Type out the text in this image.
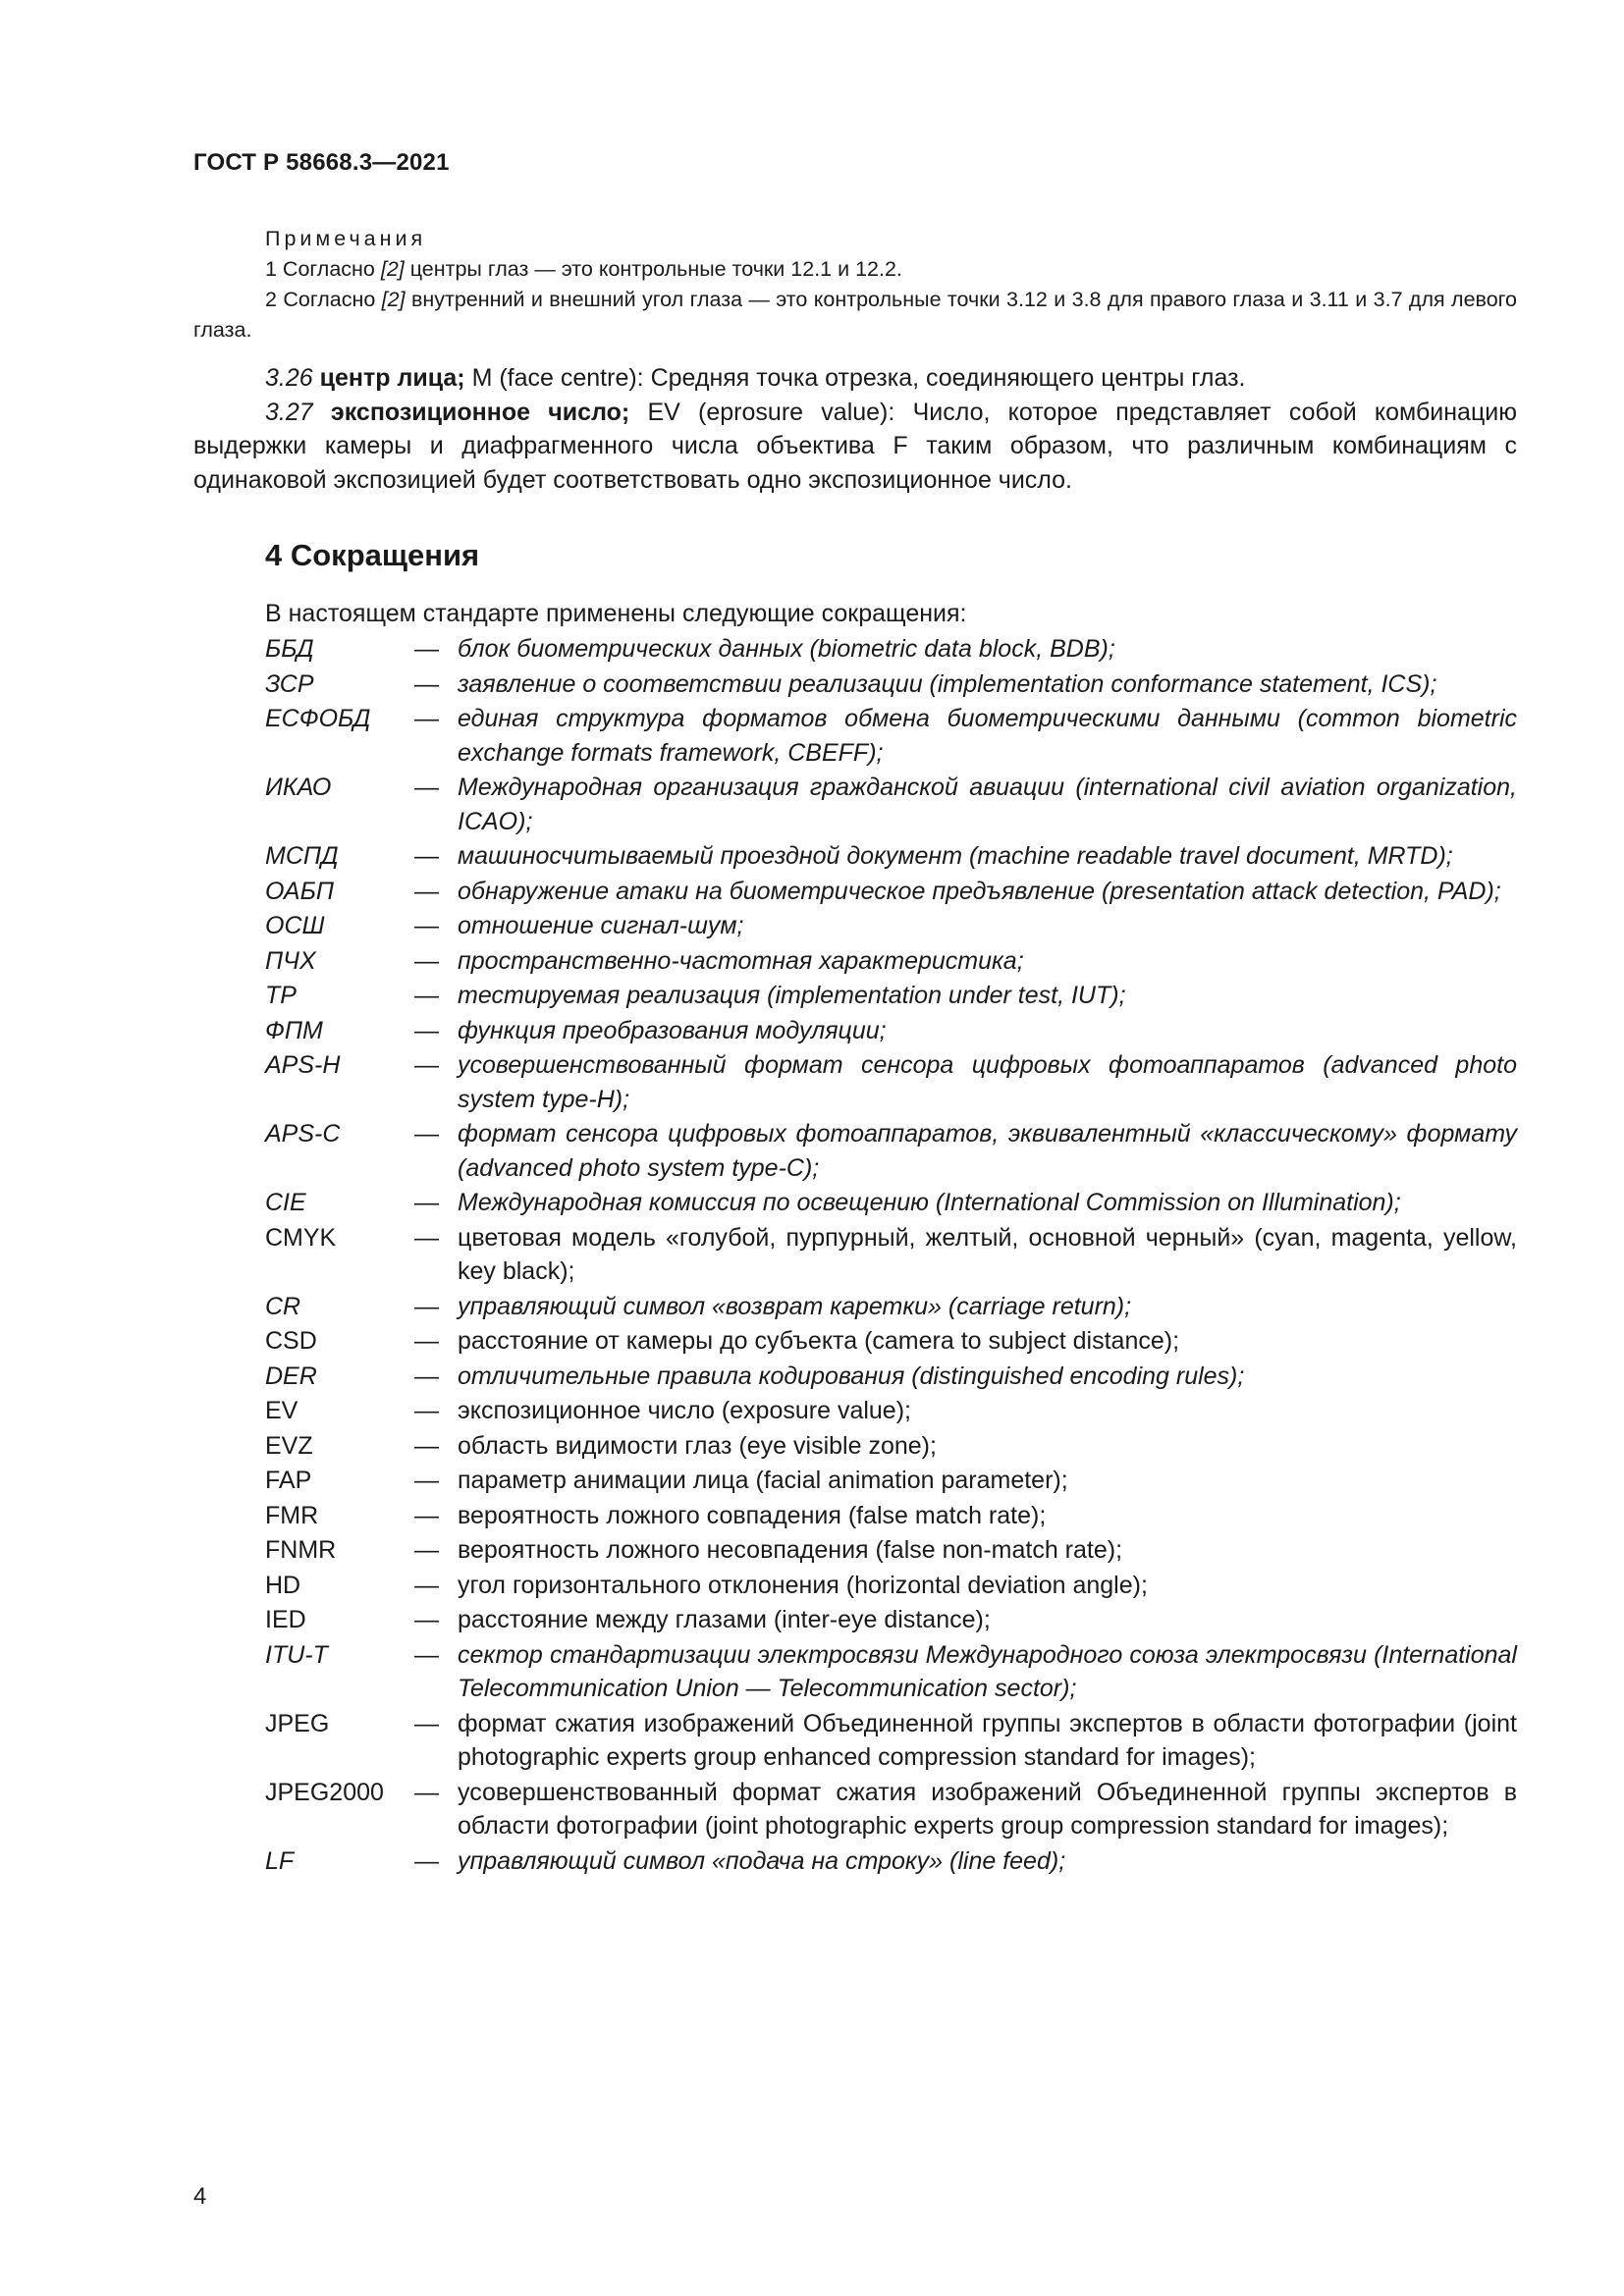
ГОСТ Р 58668.3—2021
Примечания
1 Согласно [2] центры глаз — это контрольные точки 12.1 и 12.2.
2 Согласно [2] внутренний и внешний угол глаза — это контрольные точки 3.12 и 3.8 для правого глаза и 3.11 и 3.7 для левого глаза.

3.26 центр лица; M (face centre): Средняя точка отрезка, соединяющего центры глаз.

3.27 экспозиционное число; EV (eprosure value): Число, которое представляет собой комбинацию выдержки камеры и диафрагменного числа объектива F таким образом, что различным комбинациям с одинаковой экспозицией будет соответствовать одно экспозиционное число.

4 Сокращения
В настоящем стандарте применены следующие сокращения:
ББД	— блок биометрических данных (biometric data block, BDB);
ЗСР	— заявление о соответствии реализации (implementation conformance statement, ICS);
ЕСФОБД	— единая структура форматов обмена биометрическими данными (common biometric exchange formats framework, CBEFF);
ИКАО	— Международная организация гражданской авиации (international civil aviation organization, ICAO);
МСПД	— машиносчитываемый проездной документ (machine readable travel document, MRTD);
ОАБП	— обнаружение атаки на биометрическое предъявление (presentation attack detection, PAD);
ОСШ	— отношение сигнал-шум;
ПЧХ	— пространственно-частотная характеристика;
ТР	— тестируемая реализация (implementation under test, IUT);
ФПМ	— функция преобразования модуляции;
APS-H	— усовершенствованный формат сенсора цифровых фотоаппаратов (advanced photo system type-H);
APS-C	— формат сенсора цифровых фотоаппаратов, эквивалентный «классическому» формату (advanced photo system type-C);
CIE	— Международная комиссия по освещению (International Commission on Illumination);
CMYK	— цветовая модель «голубой, пурпурный, желтый, основной черный» (cyan, magenta, yellow, key black);
CR	— управляющий символ «возврат каретки» (carriage return);
CSD	— расстояние от камеры до субъекта (camera to subject distance);
DER	— отличительные правила кодирования (distinguished encoding rules);
EV	— экспозиционное число (exposure value);
EVZ	— область видимости глаз (eye visible zone);
FAP	— параметр анимации лица (facial animation parameter);
FMR	— вероятность ложного совпадения (false match rate);
FNMR	— вероятность ложного несовпадения (false non-match rate);
HD	— угол горизонтального отклонения (horizontal deviation angle);
IED	— расстояние между глазами (inter-eye distance);
ITU-T	— сектор стандартизации электросвязи Международного союза электросвязи (International Telecommunication Union — Telecommunication sector);
JPEG	— формат сжатия изображений Объединенной группы экспертов в области фотографии (joint photographic experts group enhanced compression standard for images);
JPEG2000	— усовершенствованный формат сжатия изображений Объединенной группы экспертов в области фотографии (joint photographic experts group compression standard for images);
LF	— управляющий символ «подача на строку» (line feed);
4
